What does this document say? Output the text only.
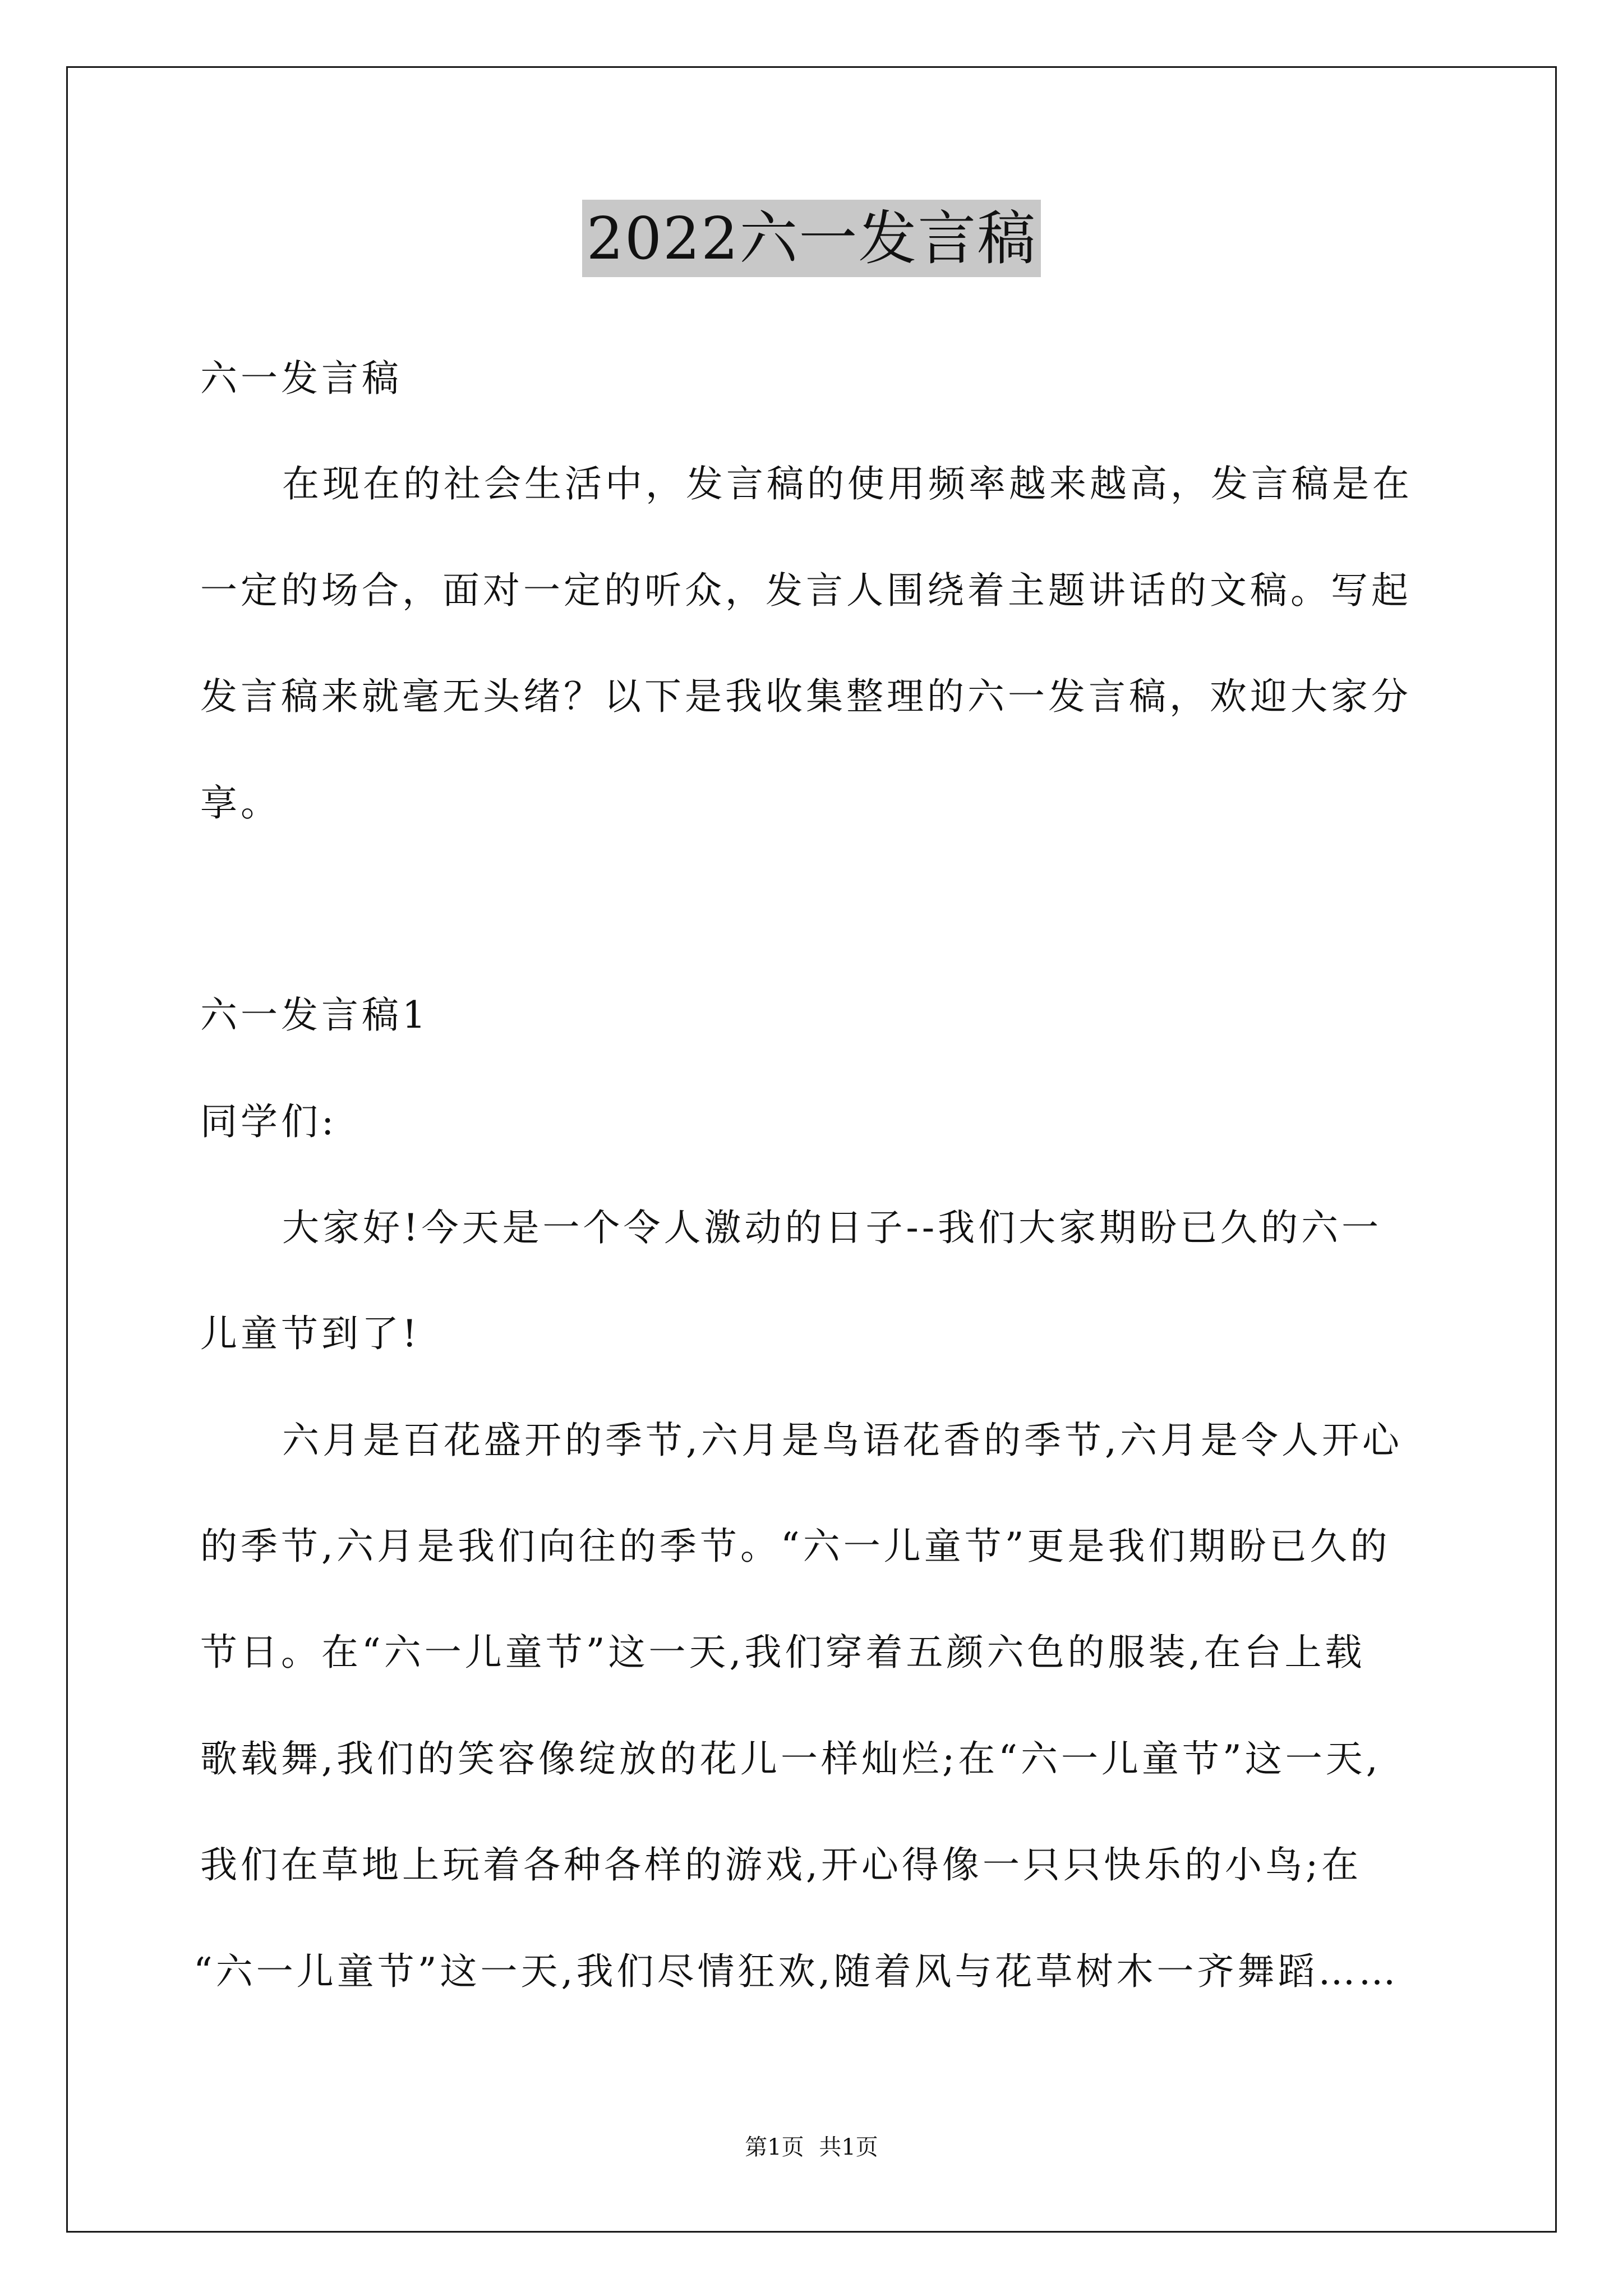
2022六一发言稿
六一发言稿
在现在的社会生活中，发言稿的使用频率越来越高，发言稿是在
一定的场合，面对一定的听众，发言人围绕着主题讲话的文稿。写起
发言稿来就毫无头绪？以下是我收集整理的六一发言稿，欢迎大家分
享。
六一发言稿1
同学们:
大家好!今天是一个令人激动的日子--我们大家期盼已久的六一
儿童节到了!
六月是百花盛开的季节,六月是鸟语花香的季节,六月是令人开心
的季节,六月是我们向往的季节。“六一儿童节”更是我们期盼已久的
节日。在“六一儿童节”这一天,我们穿着五颜六色的服装,在台上载
歌载舞,我们的笑容像绽放的花儿一样灿烂;在“六一儿童节”这一天,
我们在草地上玩着各种各样的游戏,开心得像一只只快乐的小鸟;在
“六一儿童节”这一天,我们尽情狂欢,随着风与花草树木一齐舞蹈……
第1页 共1页
